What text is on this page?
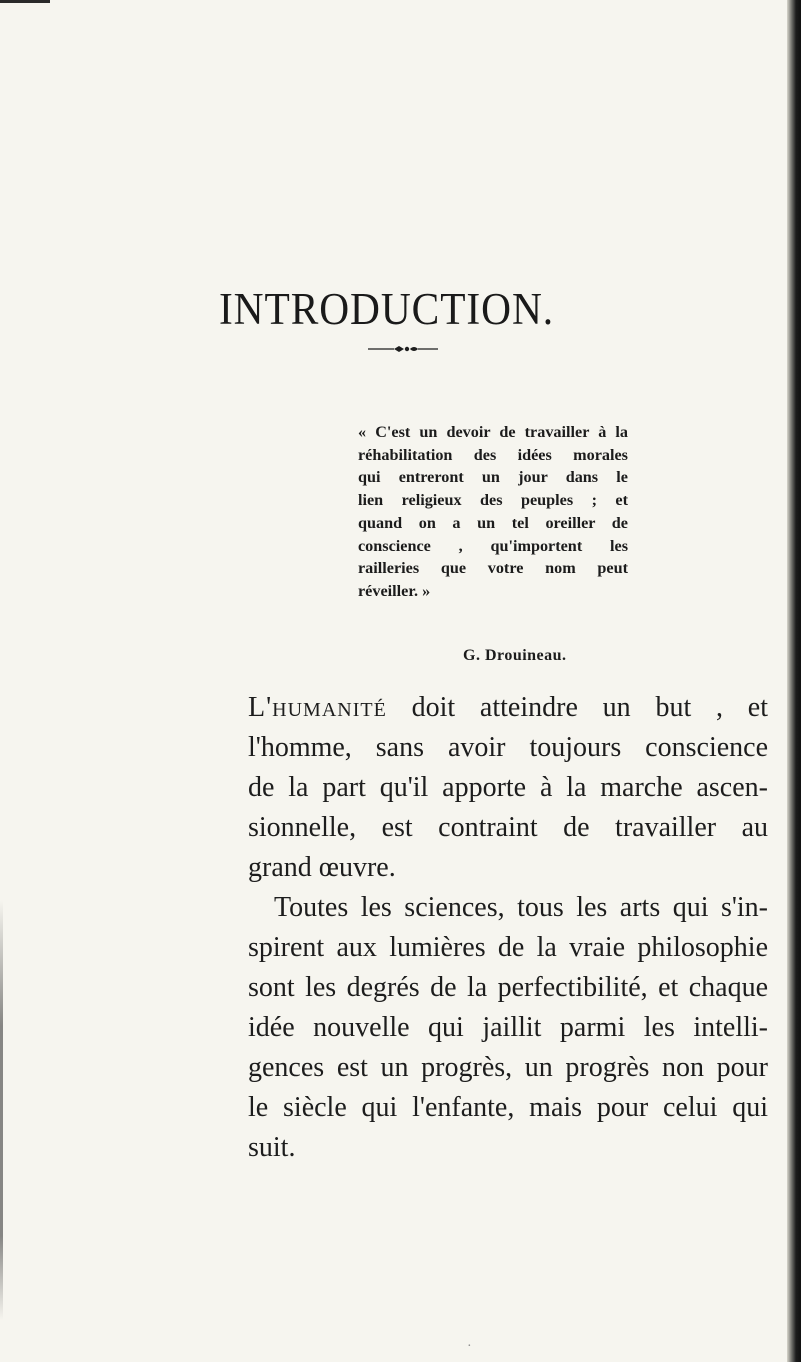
INTRODUCTION.
« C'est un devoir de travailler à la
réhabilitation des idées morales
qui entreront un jour dans le
lien religieux des peuples ; et
quand on a un tel oreiller de
conscience , qu'importent les
railleries que votre nom peut
réveiller. »
G. Drouineau.
L'humanité doit atteindre un but , et
l'homme, sans avoir toujours conscience
de la part qu'il apporte à la marche ascen-
sionnelle, est contraint de travailler au
grand œuvre.
Toutes les sciences, tous les arts qui s'in-
spirent aux lumières de la vraie philosophie
sont les degrés de la perfectibilité, et chaque
idée nouvelle qui jaillit parmi les intelli-
gences est un progrès, un progrès non pour
le siècle qui l'enfante, mais pour celui qui
suit.
·
